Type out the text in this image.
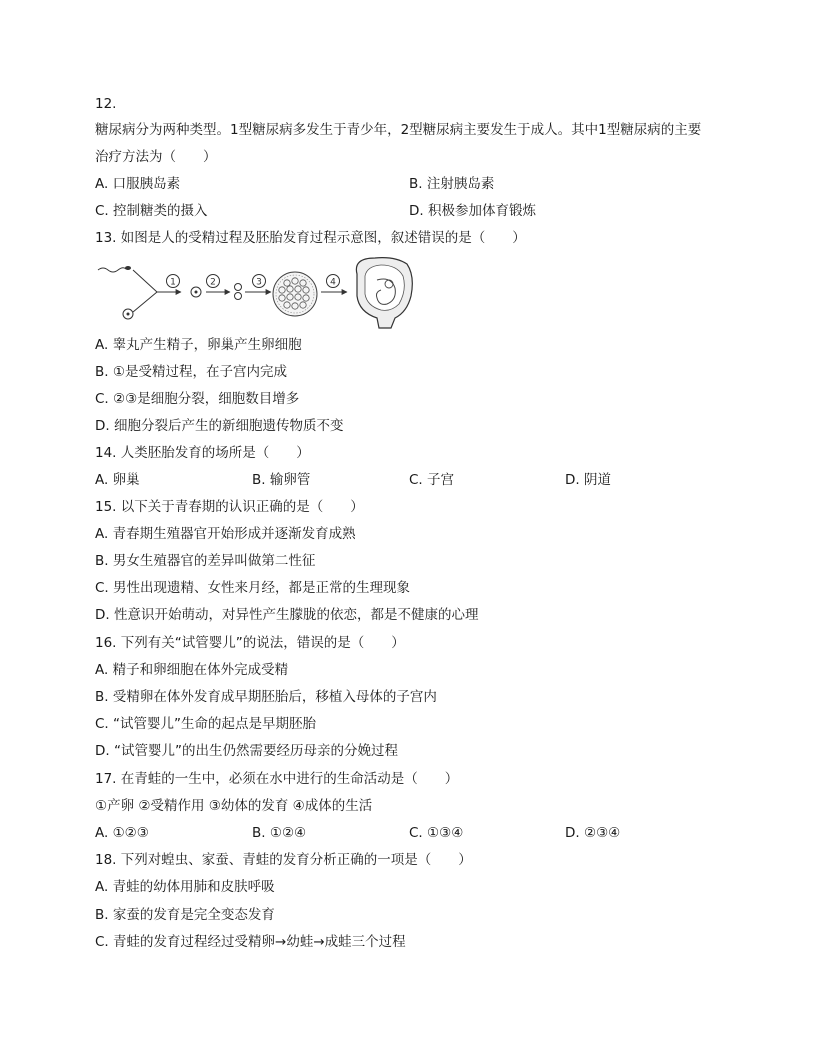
12.
糖尿病分为两种类型。1型糖尿病多发生于青少年，2型糖尿病主要发生于成人。其中1型糖尿病的主要
治疗方法为（　　）
A. 口服胰岛素	B. 注射胰岛素
C. 控制糖类的摄入	D. 积极参加体育锻炼
13. 如图是人的受精过程及胚胎发育过程示意图，叙述错误的是（　　）
1	2	3	4
A. 睾丸产生精子，卵巢产生卵细胞
B. ①是受精过程，在子宫内完成
C. ②③是细胞分裂，细胞数目增多
D. 细胞分裂后产生的新细胞遗传物质不变
14. 人类胚胎发育的场所是（　　）
A. 卵巢	B. 输卵管	C. 子宫	D. 阴道
15. 以下关于青春期的认识正确的是（　　）
A. 青春期生殖器官开始形成并逐渐发育成熟
B. 男女生殖器官的差异叫做第二性征
C. 男性出现遗精、女性来月经，都是正常的生理现象
D. 性意识开始萌动，对异性产生朦胧的依恋，都是不健康的心理
16. 下列有关“试管婴儿”的说法，错误的是（　　）
A. 精子和卵细胞在体外完成受精
B. 受精卵在体外发育成早期胚胎后，移植入母体的子宫内
C. “试管婴儿”生命的起点是早期胚胎
D. “试管婴儿”的出生仍然需要经历母亲的分娩过程
17. 在青蛙的一生中，必须在水中进行的生命活动是（　　）
①产卵 ②受精作用 ③幼体的发育 ④成体的生活
A. ①②③	B. ①②④	C. ①③④	D. ②③④
18. 下列对蝗虫、家蚕、青蛙的发育分析正确的一项是（　　）
A. 青蛙的幼体用肺和皮肤呼吸
B. 家蚕的发育是完全变态发育
C. 青蛙的发育过程经过受精卵→幼蛙→成蛙三个过程
